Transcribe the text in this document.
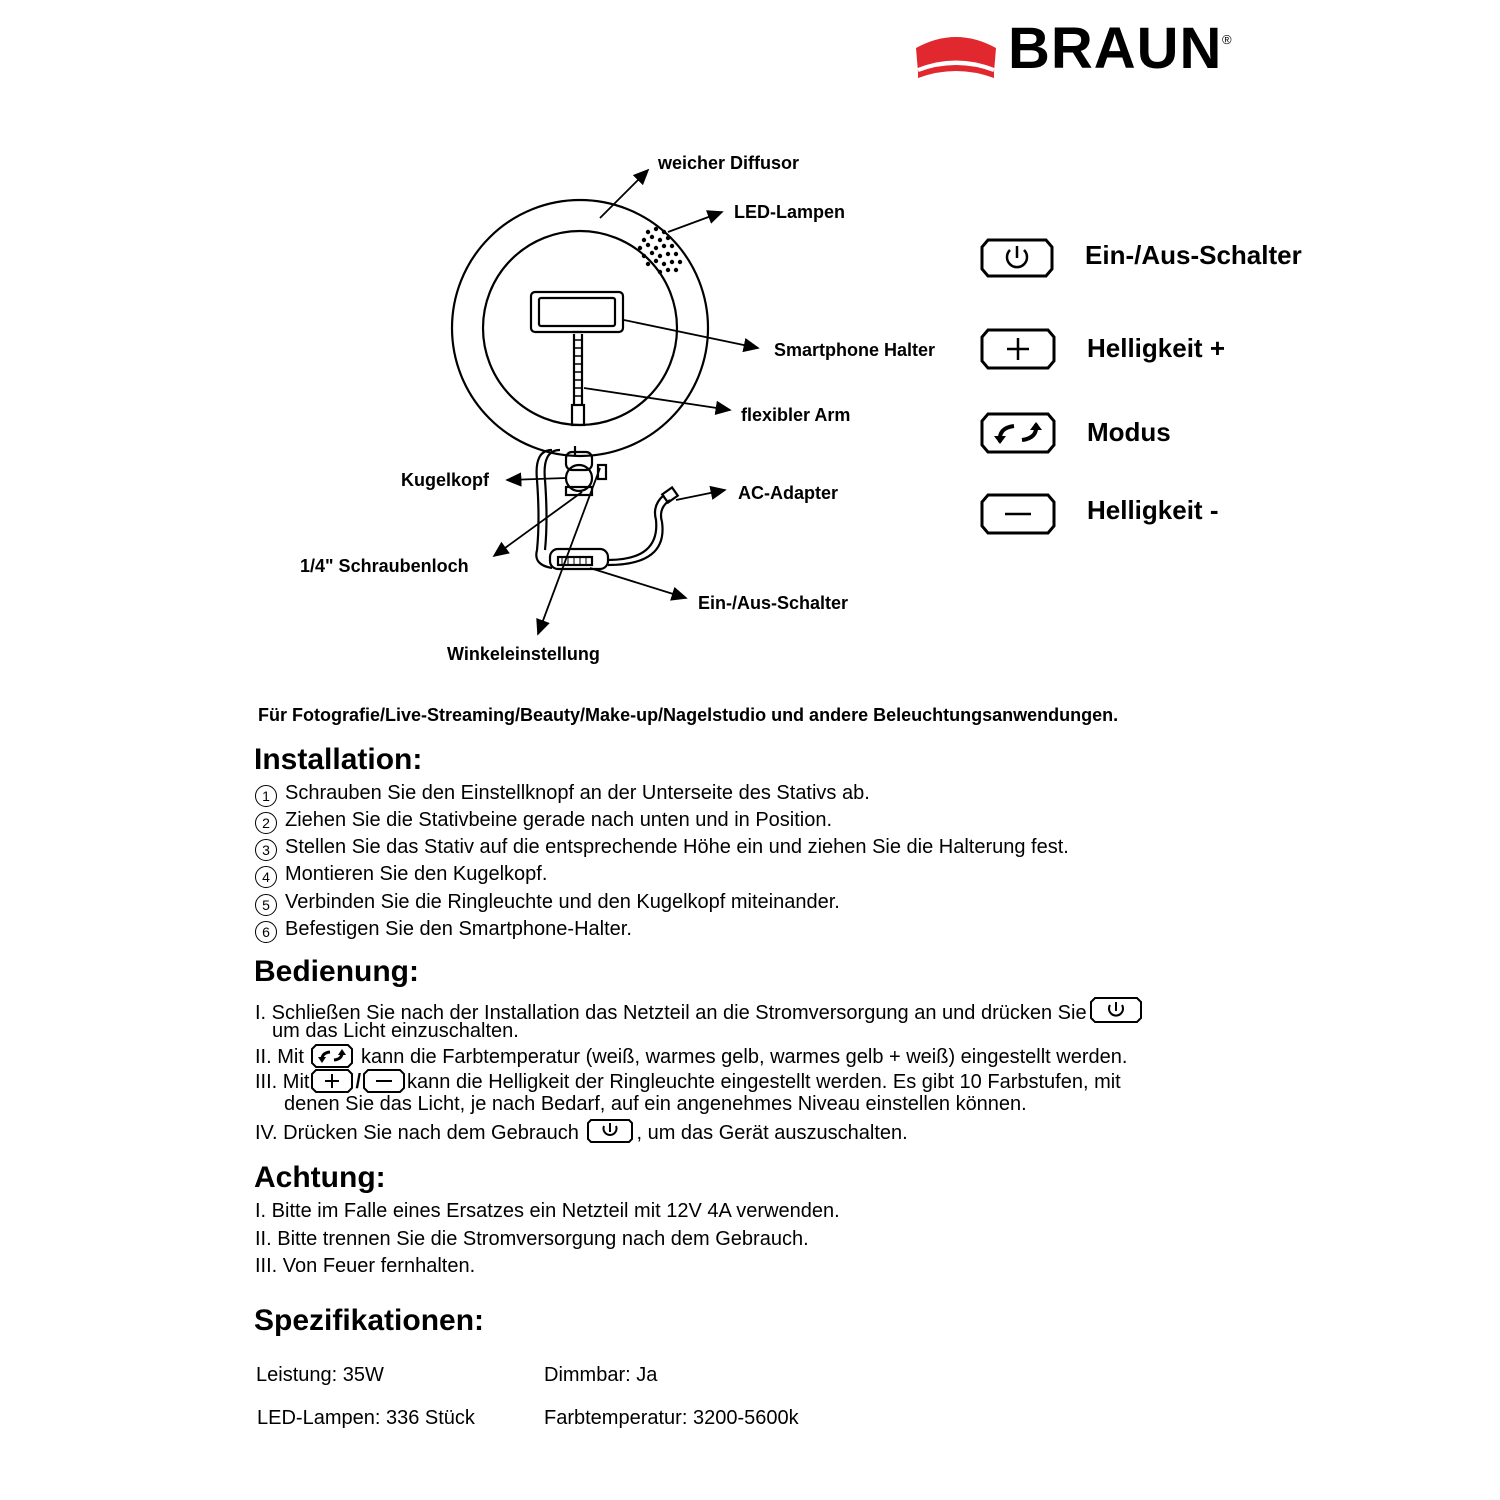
BRAUN ®
weicher Diffusor
LED-Lampen
Smartphone Halter
flexibler Arm
Kugelkopf
AC-Adapter
1/4" Schraubenloch
Ein-/Aus-Schalter
Winkeleinstellung
Ein-/Aus-Schalter
Helligkeit +
Modus
Helligkeit -
Für Fotografie/Live-Streaming/Beauty/Make-up/Nagelstudio und andere Beleuchtungsanwendungen.
Installation:
1 Schrauben Sie den Einstellknopf an der Unterseite des Stativs ab.
2 Ziehen Sie die Stativbeine gerade nach unten und in Position.
3 Stellen Sie das Stativ auf die entsprechende Höhe ein und ziehen Sie die Halterung fest.
4 Montieren Sie den Kugelkopf.
5 Verbinden Sie die Ringleuchte und den Kugelkopf miteinander.
6 Befestigen Sie den Smartphone-Halter.
Bedienung:
I. Schließen Sie nach der Installation das Netzteil an die Stromversorgung an und drücken Sie
um das Licht einzuschalten.
II. Mit	kann die Farbtemperatur (weiß, warmes gelb, warmes gelb + weiß) eingestellt werden.
III. Mit / kann die Helligkeit der Ringleuchte eingestellt werden. Es gibt 10 Farbstufen, mit
denen Sie das Licht, je nach Bedarf, auf ein angenehmes Niveau einstellen können.
IV. Drücken Sie nach dem Gebrauch	, um das Gerät auszuschalten.
Achtung:
I. Bitte im Falle eines Ersatzes ein Netzteil mit 12V 4A verwenden.
II. Bitte trennen Sie die Stromversorgung nach dem Gebrauch.
III. Von Feuer fernhalten.
Spezifikationen:
Leistung: 35W	Dimmbar: Ja
LED-Lampen: 336 Stück	Farbtemperatur: 3200-5600k
